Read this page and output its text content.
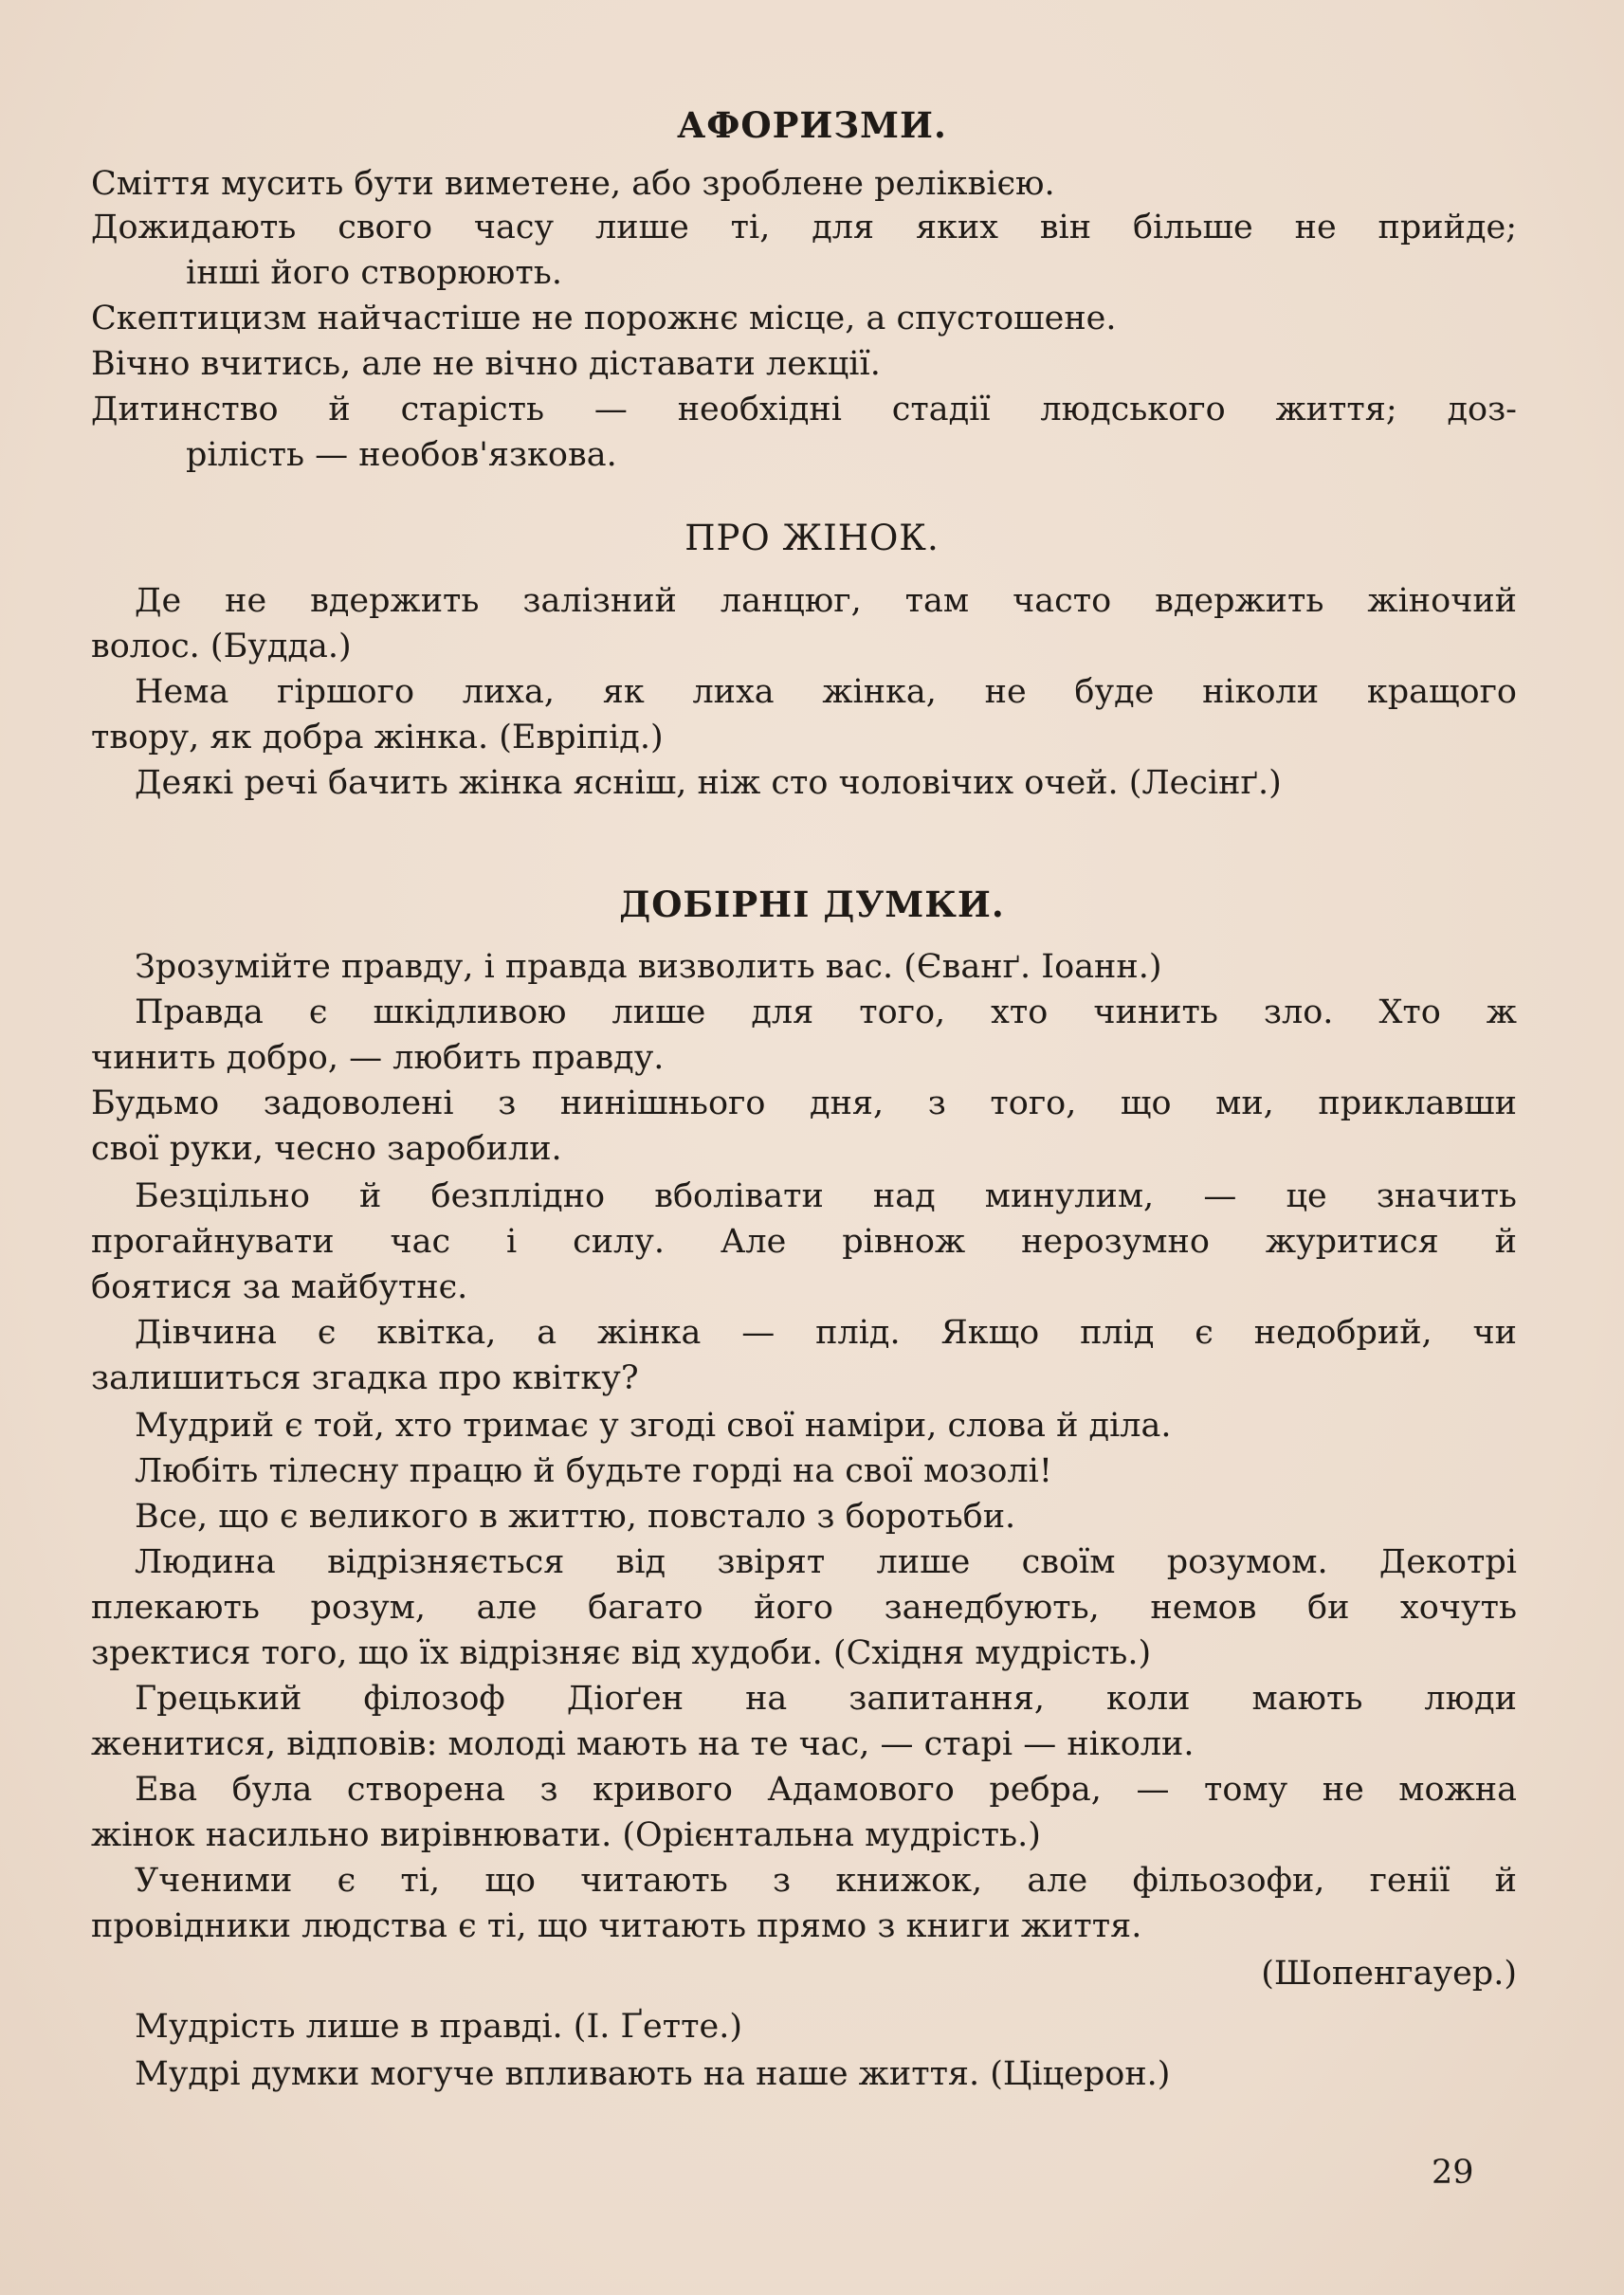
АФОРИЗМИ.
Сміття мусить бути виметене, або зроблене реліквією.
Дожидають свого часу лише ті, для яких він більше не прийде;
інші його створюють.
Скептицизм найчастіше не порожнє місце, а спустошене.
Вічно вчитись, але не вічно діставати лекції.
Дитинство й старість — необхідні стадії людського життя; доз-
рілість — необов'язкова.
ПРО ЖІНОК.
Де не вдержить залізний ланцюг, там часто вдержить жіночий
волос. (Будда.)
Нема гіршого лиха, як лиха жінка, не буде ніколи кращого
твору, як добра жінка. (Евріпід.)
Деякі речі бачить жінка ясніш, ніж сто чоловічих очей. (Лесінґ.)
ДОБІРНІ ДУМКИ.
Зрозумійте правду, і правда визволить вас. (Єванґ. Іоанн.)
Правда є шкідливою лише для того, хто чинить зло. Хто ж
чинить добро, — любить правду.
Будьмо задоволені з нинішнього дня, з того, що ми, приклавши
свої руки, чесно заробили.
Безцільно й безплідно вболівати над минулим, — це значить
прогайнувати час і силу. Але рівнож нерозумно журитися й
боятися за майбутнє.
Дівчина є квітка, а жінка — плід. Якщо плід є недобрий, чи
залишиться згадка про квітку?
Мудрий є той, хто тримає у згоді свої наміри, слова й діла.
Любіть тілесну працю й будьте горді на свої мозолі!
Все, що є великого в життю, повстало з боротьби.
Людина відрізняється від звірят лише своїм розумом. Декотрі
плекають розум, але багато його занедбують, немов би хочуть
зректися того, що їх відрізняє від худоби. (Східня мудрість.)
Грецький філозоф Діоґен на запитання, коли мають люди
женитися, відповів: молоді мають на те час, — старі — ніколи.
Ева була створена з кривого Адамового ребра, — тому не можна
жінок насильно вирівнювати. (Орієнтальна мудрість.)
Ученими є ті, що читають з книжок, але фільозофи, генії й
провідники людства є ті, що читають прямо з книги життя.
(Шопенгауер.)
Мудрість лише в правді. (І. Ґетте.)
Мудрі думки могуче впливають на наше життя. (Ціцерон.)
29
